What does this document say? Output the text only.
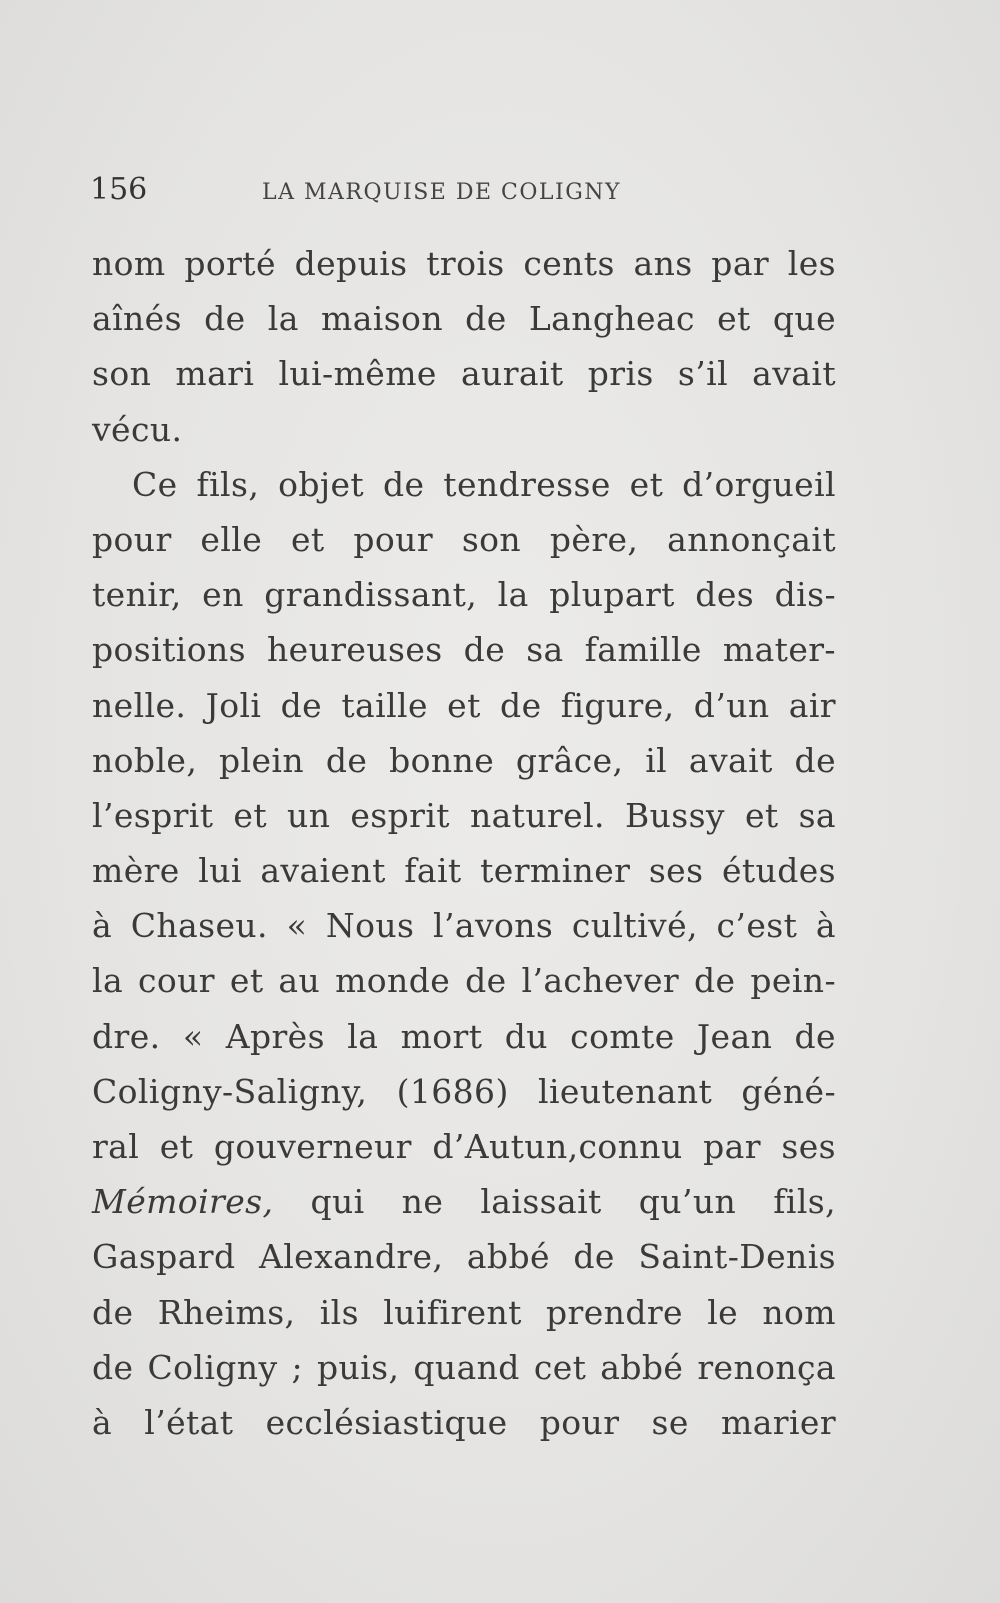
156	LA MARQUISE DE COLIGNY
nom porté depuis trois cents ans par les
aînés de la maison de Langheac et que
son mari lui-même aurait pris s’il avait
vécu.
Ce fils, objet de tendresse et d’orgueil
pour elle et pour son père, annonçait
tenir, en grandissant, la plupart des dis-
positions heureuses de sa famille mater-
nelle. Joli de taille et de figure, d’un air
noble, plein de bonne grâce, il avait de
l’esprit et un esprit naturel. Bussy et sa
mère lui avaient fait terminer ses études
à Chaseu. « Nous l’avons cultivé, c’est à
la cour et au monde de l’achever de pein-
dre. « Après la mort du comte Jean de
Coligny-Saligny, (1686) lieutenant géné-
ral et gouverneur d’Autun,connu par ses
Mémoires, qui ne laissait qu’un fils,
Gaspard Alexandre, abbé de Saint-Denis
de Rheims, ils luifirent prendre le nom
de Coligny ; puis, quand cet abbé renonça
à l’état ecclésiastique pour se marier
